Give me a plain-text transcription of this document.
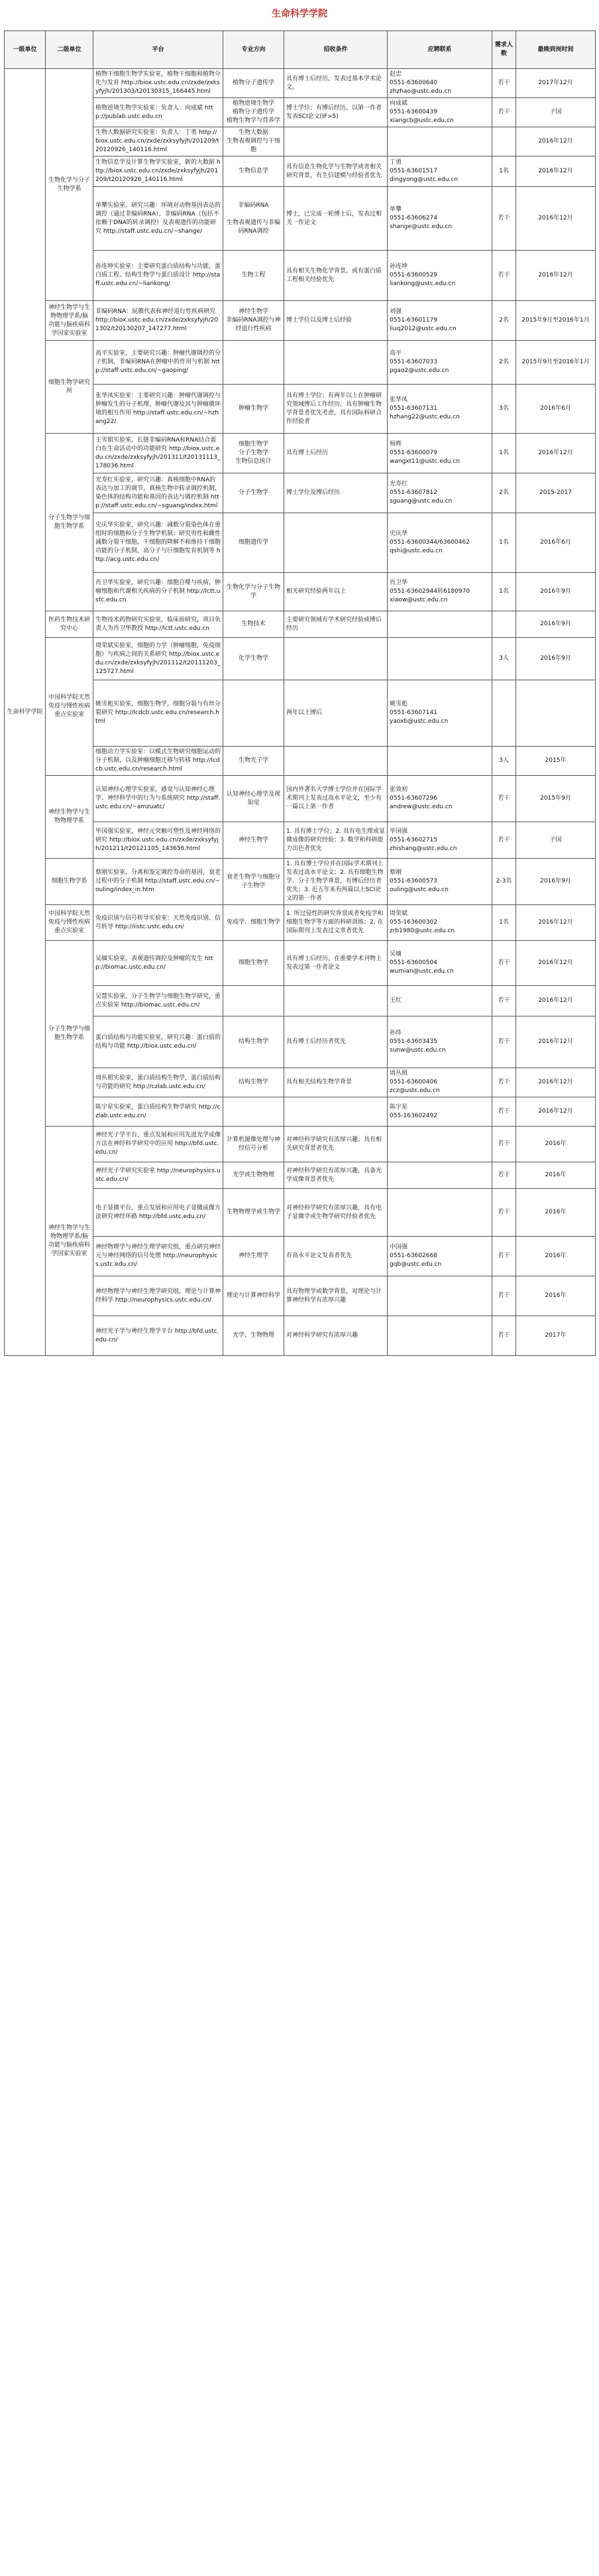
生命科学学院
一级单位	二级单位	平台	专业方向	招收条件	应聘联系	需求人数	最晚到岗时间
生命科学学院	生物化学与分子生物学系	植物干细胞生物学实验室，植物干细胞和植物分化与发育 http://biox.ustc.edu.cn/zxde/zxksyfyjh/201303/t20130315_166445.html	植物分子遗传学	具有博士后经历，发表过基本学术论文。	赵忠
0551-63600640
zhzhao@ustc.edu.cn	若干	2017年12月
		植物逆境生物学实验室：负责人：向成斌 http://publab.ustc.edu.cn	植物逆境生物学
植物分子遗传学
植物生物学与营养学	博士学位；有博后经历，以第一作者发表SCI论文(IF>5)	向成斌
0551-63600439
xiangcb@ustc.edu.cn	若干	子国
		生物大数据研究实验室：负责人：丁勇 http://biox.ustc.edu.cn/zxde/zxksyfyjh/201209/t20120926_140116.html	生物大数据
生物表观调控与干细胞				2016年12月
		生物信息学及计算生物学实验室，新的大数据 http://biox.ustc.edu.cn/zxde/zxksyfyjh/201209/t20120926_140116.html	生物信息学	具有信息生物化学与生物学或者相关研究背景，有生信建模与经验者优先	丁勇
0551-63601517
dingyong@ustc.edu.cn	1名	2016年12月
		单攀实验室，研究兴趣：环境对动物基因表达的调控（通过非编码RNA），非编码RNA（包括不依赖于DNA的转录调控）及表观遗传的功能研究 http://staff.ustc.edu.cn/~shange/	非编码RNA

生物表观遗传与非编码RNA调控	博士，已完成一轮博士后，发表过相关一作论文	单攀
0551-63606274
shange@ustc.edu.cn	若干	2016年12月
		孙连坤实验室：主要研究蛋白质结构与功能，蛋白质工程、结构生物学与蛋白质设计 http://staff.ustc.edu.cn/~liankong/	生物工程	具有相关生物化学背景，或有蛋白质工程相关经验优先	孙连坤
0551-63600529
liankong@ustc.edu.cn	若干	2016年12月
	神经生物学与生物物理学系/脑功能与脑疾病科学国家实验室	非编码RNA：屁膜代表和神经退行性疾病研究 http://biox.ustc.edu.cn/zxde/zxksyfyjh/201302/t20130207_147277.html	神经生物学
非编码RNA调控与神经退行性疾病	博士学位以及博士后经验	刘强
0551-63601179
liuq2012@ustc.edu.cn	2名	2015年9月至2016年1月
	细胞生物学研究所	高平实验室，主要研究兴趣：肿瘤代谢调控的分子机制，非编码RNA在肿瘤中的作用与机制 http://staff.ustc.edu.cn/~gaoping/			高平
0551-63607033
pgao2@ustc.edu.cn	2名	2015年9月至2016年1月
		张华凤实验室：主要研究兴趣：肿瘤代谢调控与肿瘤发生的分子机理，肿瘤代谢及其与肿瘤微环境的相互作用 http://staff.ustc.edu.cn/~hzhang22/	肿瘤生物学	具有博士学位；有两年以上在肿瘤研究领域博后工作经历，具有肿瘤生物学背景者优先考虑，具有国际科研合作经验者	张华凤
0551-63607131
hzhang22@ustc.edu.cn	3名	2016年6月
	分子生物学与细胞生物学系	王雪娟实验室，长链非编码RNA和RNA结合蛋白在生命活动中的功能研究 http://biox.ustc.edu.cn/zxde/zxksyfyjh/201311/t20131113_178036.html	细胞生物学
分子生物学
生物信息统计	具有博士后经历	杨辉
0551-63600079
wangxt11@ustc.edu.cn	1名	2016年12月
		光寿红实验室，研究兴趣：真核细胞中RNA的表达与加工的调节，真核生物中转录调控机制，染色体的结构功能和基因的表达与调控机制 http://staff.ustc.edu.cn/~sguang/index.html	分子生物学	博士学位及博后经历	光寿红
0551-63607812
sguang@ustc.edu.cn	2名	2015-2017
		史庆华实验室，研究兴趣：减数分裂染色体在重组时的细胞和分子生物学机制；研究男性和雌性减数分裂干细胞，干细胞的降解不和维持干细胞功能的分子机制，高分子与巨细胞发育机制等 http://acg.ustc.edu.cn/	细胞遗传学		史庆华
0551-63600344/63600462
qshi@ustc.edu.cn	1名	2016年6月
		肖卫华实验室，研究兴趣：细胞自噬与疾病，肿瘤细胞和代谢相关疾病的分子机制 http://lctt.ustc.edu.cn	生物化学与分子生物学	相关研究经验两年以上	肖卫华
0551-63602944转6180970
xiaow@ustc.edu.cn	1名	2016年9月
	医药生物技术研究中心	生物技术药物研究实验室，临床前研究，项目负责人为肖卫华教授 http://lctt.ustc.edu.cn	生物技术	主要研究领域有学术研究经验或博后经历			2016年9月
	中国科学院天然免疫与慢性疾病重点实验室	周荣斌实验室，细胞的力学（肿瘤细胞，免疫细胞）与疾病之间的关系研究 http://biox.ustc.edu.cn/zxde/zxksyfyjh/201112/t20111203_125727.html	化学生物学			3人	2016年9月
		姚雪彪实验室，细胞生物学，细胞分裂与有丝分裂研究 http://lcdcb.ustc.edu.cn/research.html		两年以上博后	姚雪彪
0551-63607141
yaoxb@ustc.edu.cn		
		细胞动力学实验室：以模式生物研究细胞运动的分子机制，以及肿瘤细胞迁移与转移 http://lcdcb.ustc.edu.cn/research.html	生物光子学			3人	2015年
	神经生物学与生物物理学系	认知神经心理学实验室，感觉与认知神经心理学、神经科学中的行为与系统研究 http://staff.ustc.edu.cn/~amzuatc/	认知神经心理学及视知觉	国内外著名大学博士学位并在国际学术期刊上发表过高水平论文，至少有一篇以上第一作者	张效初
0551-63607296
andrew@ustc.edu.cn	若干	2015年9月
		毕国强实验室，神经元突触可塑性及神经网络的研究 http://biox.ustc.edu.cn/zxde/zxksyfyjh/201211/t20121105_143656.html	神经生物学	1. 具有博士学位；2. 具有电生理或显微成像的研究经验；3. 数学和科研能力出色者优先	毕国强
0551-63602715
zhishang@ustc.edu.cn	若干	子国
	细胞生物学系	蔡刚实验室，分离和鉴定调控寿命的基因，衰老过程中的分子机制 http://staff.ustc.edu.cn/~ouling/index_in.htm	衰老生物学与细胞分子生物学	1. 具有博士学位并在国际学术期刊上发表过高水平论文；2. 具有细胞生物学、分子生物学背景，有博后经历者优先；3. 近五年来有两篇以上SCI论文的第一作者	蔡刚
0551-63600573
ouling@ustc.edu.cn	2-3名	2016年9月
	中国科学院天然免疫与慢性疾病重点实验室	免疫识别与信号转导实验室：天然免疫识别、信号转导 http://iistc.ustc.edu.cn/	免疫学、细胞生物学	1. 所过侵性的研究背景或者免疫学和细胞生物学等方面的科研训练；2. 在国际期刊上发表过文章者优先	周荣斌
055-163600302
zrb1980@ustc.edu.cn	1名	2016年12月
	分子生物学与细胞生物学系	吴缅实验室，表观遗传调控及肿瘤的发生 http://biomac.ustc.edu.cn/	细胞生物学	具有博士后经历，在重要学术刊物上发表过第一作者论文	吴缅
0551-63600504
wumian@ustc.edu.cn	若干	2016年12月
		吴慧实验室，分子生物学与细胞生物学研究，重点实验室 http://biomac.ustc.edu.cn/			王红	若干	2016年12月
		蛋白质结构与功能实验室，研究兴趣：蛋白质的结构与功能 http://biox.ustc.edu.cn/	结构生物学	具有博士后经历者优先	孙炜
0551-63603435
sunw@ustc.edu.cn	若干	2016年12月
		周丛照实验室，蛋白质结构生物学，蛋白质结构与功能的研究 http://czlab.ustc.edu.cn/	结构生物学	具有相关结构生物学背景	周丛照
0551-63600406
zcz@ustc.edu.cn	若干	2016年12月
		陈宇星实验室，蛋白质结构生物学研究 http://czlab.ustc.edu.cn/			陈宇星
055-163602492	若干	2016年12月
	神经生物学与生物物理学系/脑功能与脑疾病科学国家实验室	神经光子学平台，重点发展和应用先进光学成像方法在神经科学研究中的应用 http://bfd.ustc.edu.cn/	计算机图像处理与神经信号分析	对神经科学研究有浓厚兴趣；具有相关研究背景者优先		若干	2016年
		神经光子学研究实验室 http://neurophysics.ustc.edu.cn/	光学或生物物理	对神经科学研究有浓厚兴趣，具备光学成像背景者优先		若干	2016年
		电子显微平台，重点发展和应用电子显微成像方法研究神经环路 http://bfd.ustc.edu.cn/	生物物理学或生物学	对神经科学研究有浓厚兴趣，具有电子显微学或生物学研究经验者优先		若干	2016年
		神经物理学与神经生理学研究组，重点研究神经元与神经网络的信号处理 http://neurophysics.ustc.edu.cn/	神经生理学	有高水平论文发表者优先	中国强
0551-63602668
gqb@ustc.edu.cn	若干	2016年
		神经物理学与神经生理学研究组，理论与计算神经科学 http://neurophysics.ustc.edu.cn/	理论与计算神经科学	具有物理学或数学背景，对理论与计算神经科学有浓厚兴趣		若干	2016年
		神经光子学与神经生理学平台 http://bfd.ustc.edu.cn/	光学、生物物理	对神经科学研究有浓厚兴趣		若干	2017年
